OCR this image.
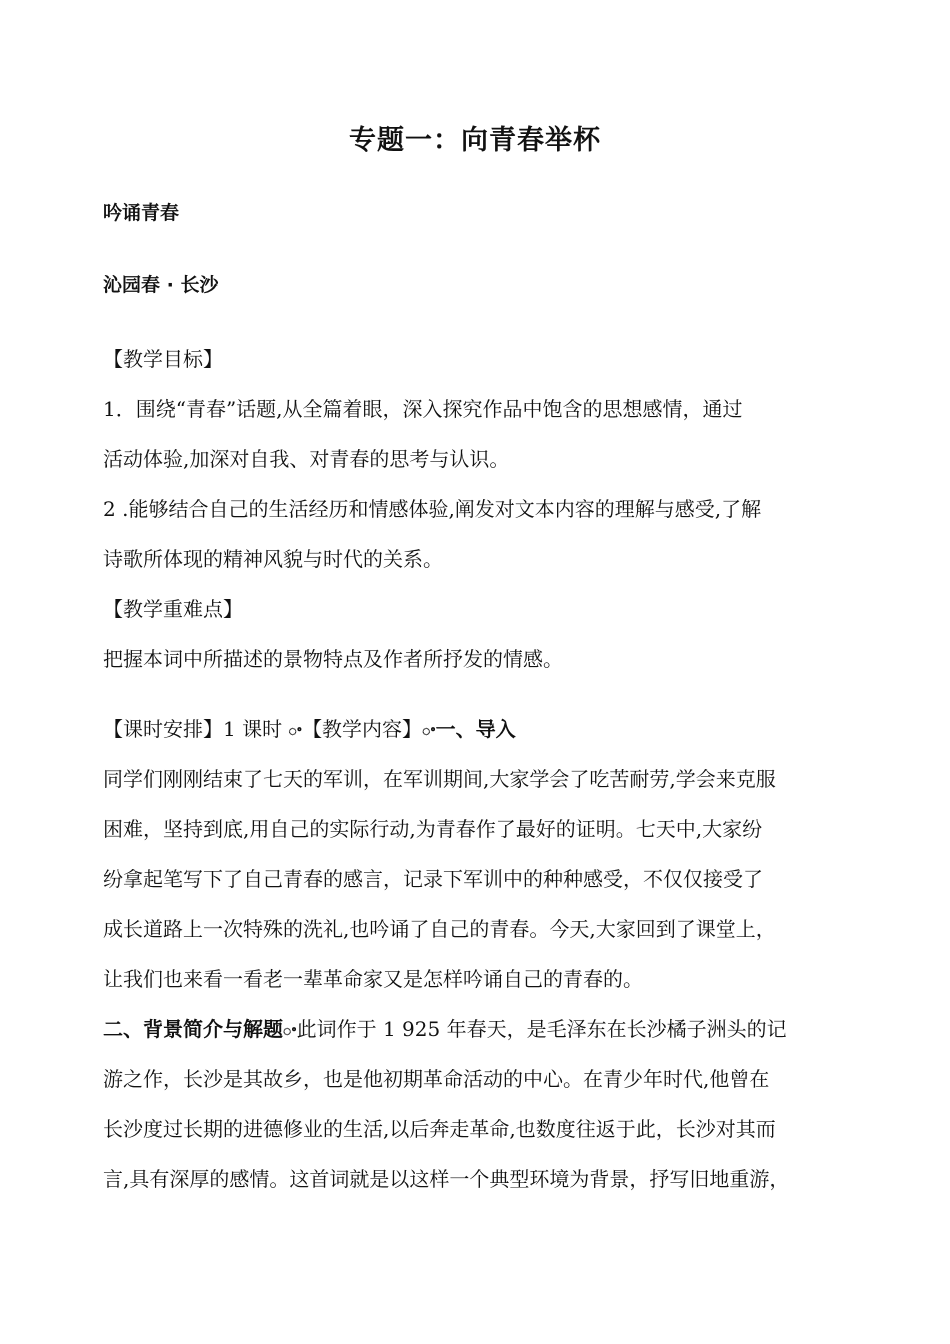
专题一：向青春举杯
吟诵青春
沁园春 · 长沙
【教学目标】
1．围绕“青春”话题,从全篇着眼，深入探究作品中饱含的思想感情，通过
活动体验,加深对自我、对青春的思考与认识。
2 .能够结合自己的生活经历和情感体验,阐发对文本内容的理解与感受,了解
诗歌所体现的精神风貌与时代的关系。
【教学重难点】
把握本词中所描述的景物特点及作者所抒发的情感。
【课时安排】1 课时 ꢀ【教学内容】ꢀ一、导入
同学们刚刚结束了七天的军训，在军训期间,大家学会了吃苦耐劳,学会来克服
困难，坚持到底,用自己的实际行动,为青春作了最好的证明。七天中,大家纷
纷拿起笔写下了自己青春的感言，记录下军训中的种种感受，不仅仅接受了
成长道路上一次特殊的洗礼,也吟诵了自己的青春。今天,大家回到了课堂上，
让我们也来看一看老一辈革命家又是怎样吟诵自己的青春的。
二、背景简介与解题ꢀ此词作于 1 925 年春天，是毛泽东在长沙橘子洲头的记
游之作，长沙是其故乡，也是他初期革命活动的中心。在青少年时代,他曾在
长沙度过长期的进德修业的生活,以后奔走革命,也数度往返于此，长沙对其而
言,具有深厚的感情。这首词就是以这样一个典型环境为背景，抒写旧地重游，
